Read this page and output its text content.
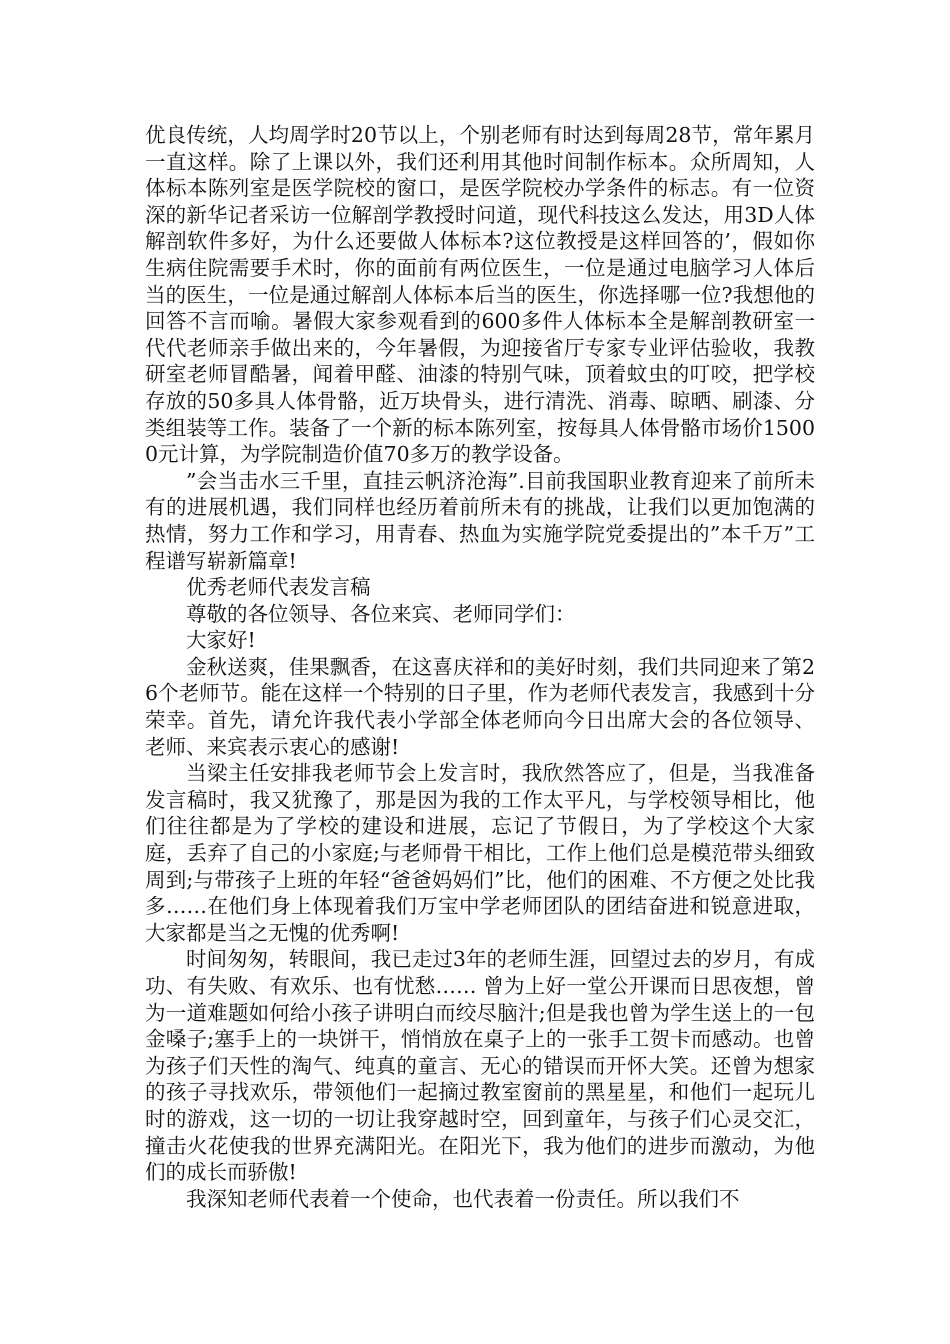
优良传统，人均周学时20节以上，个别老师有时达到每周28节，常年累月一直这样。除了上课以外，我们还利用其他时间制作标本。众所周知，人体标本陈列室是医学院校的窗口，是医学院校办学条件的标志。有一位资深的新华记者采访一位解剖学教授时问道，现代科技这么发达，用3D人体解剖软件多好，为什么还要做人体标本?这位教授是这样回答的’，假如你生病住院需要手术时，你的面前有两位医生，一位是通过电脑学习人体后当的医生，一位是通过解剖人体标本后当的医生，你选择哪一位?我想他的回答不言而喻。暑假大家参观看到的600多件人体标本全是解剖教研室一代代老师亲手做出来的，今年暑假，为迎接省厅专家专业评估验收，我教研室老师冒酷暑，闻着甲醛、油漆的特别气味，顶着蚊虫的叮咬，把学校存放的50多具人体骨骼，近万块骨头，进行清洗、消毒、晾晒、刷漆、分类组装等工作。装备了一个新的标本陈列室，按每具人体骨骼市场价15000元计算，为学院制造价值70多万的教学设备。

”会当击水三千里，直挂云帆济沧海”.目前我国职业教育迎来了前所未有的进展机遇，我们同样也经历着前所未有的挑战，让我们以更加饱满的热情，努力工作和学习，用青春、热血为实施学院党委提出的”本千万”工程谱写崭新篇章!

优秀老师代表发言稿

尊敬的各位领导、各位来宾、老师同学们：

大家好!

金秋送爽，佳果飘香，在这喜庆祥和的美好时刻，我们共同迎来了第26个老师节。能在这样一个特别的日子里，作为老师代表发言，我感到十分荣幸。首先，请允许我代表小学部全体老师向今日出席大会的各位领导、老师、来宾表示衷心的感谢!

当梁主任安排我老师节会上发言时，我欣然答应了，但是，当我准备发言稿时，我又犹豫了，那是因为我的工作太平凡，与学校领导相比，他们往往都是为了学校的建设和进展，忘记了节假日，为了学校这个大家庭，丢弃了自己的小家庭;与老师骨干相比，工作上他们总是模范带头细致周到;与带孩子上班的年轻“爸爸妈妈们”比，他们的困难、不方便之处比我多……在他们身上体现着我们万宝中学老师团队的团结奋进和锐意进取，大家都是当之无愧的优秀啊!

时间匆匆，转眼间，我已走过3年的老师生涯，回望过去的岁月，有成功、有失败、有欢乐、也有忧愁…… 曾为上好一堂公开课而日思夜想，曾为一道难题如何给小孩子讲明白而绞尽脑汁;但是我也曾为学生送上的一包金嗓子;塞手上的一块饼干，悄悄放在桌子上的一张手工贺卡而感动。也曾为孩子们天性的淘气、纯真的童言、无心的错误而开怀大笑。还曾为想家的孩子寻找欢乐，带领他们一起摘过教室窗前的黑星星，和他们一起玩儿时的游戏，这一切的一切让我穿越时空，回到童年，与孩子们心灵交汇，撞击火花使我的世界充满阳光。在阳光下，我为他们的进步而激动，为他们的成长而骄傲!

我深知老师代表着一个使命，也代表着一份责任。所以我们不
